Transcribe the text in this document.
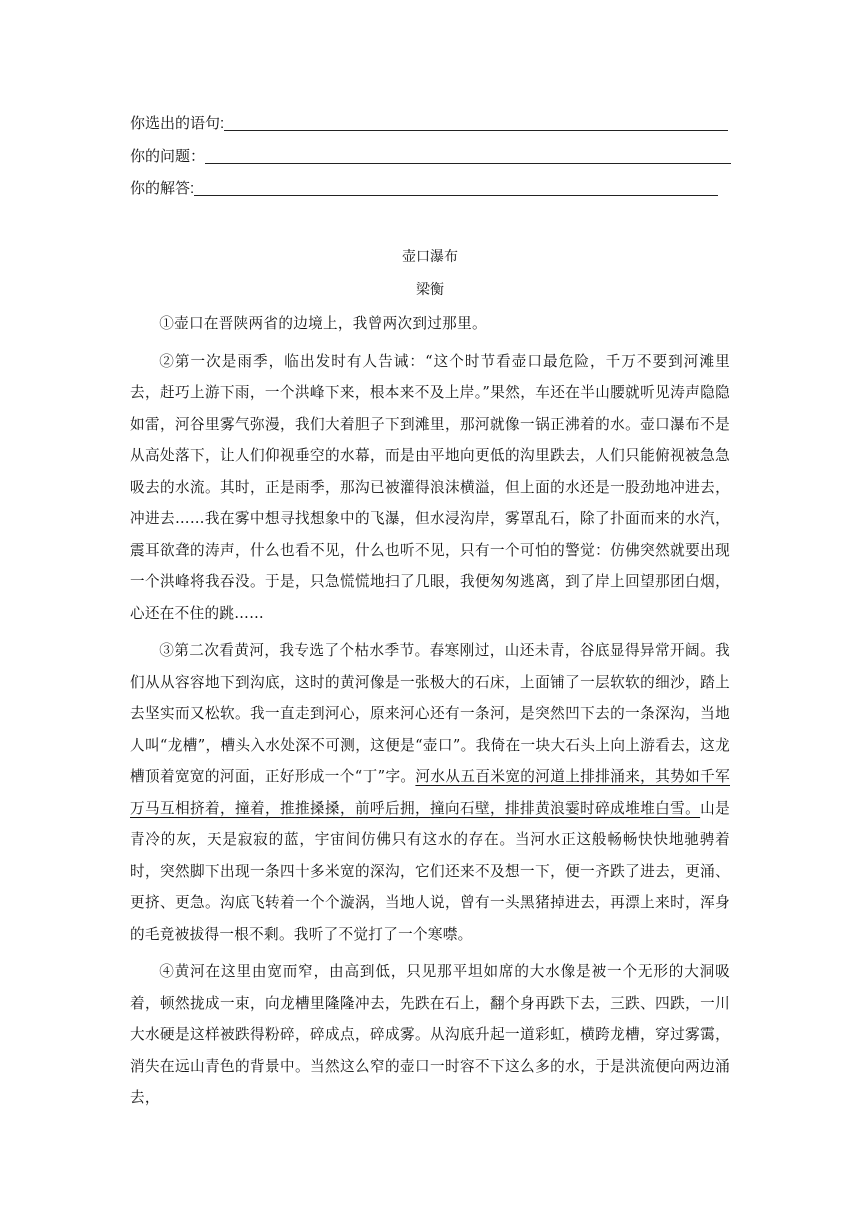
你选出的语句:
你的问题：
你的解答:
壶口瀑布
梁衡

①壶口在晋陕两省的边境上，我曾两次到过那里。

②第一次是雨季，临出发时有人告诫：“这个时节看壶口最危险，千万不要到河滩里去，赶巧上游下雨，一个洪峰下来，根本来不及上岸。”果然，车还在半山腰就听见涛声隐隐如雷，河谷里雾气弥漫，我们大着胆子下到滩里，那河就像一锅正沸着的水。壶口瀑布不是从高处落下，让人们仰视垂空的水幕，而是由平地向更低的沟里跌去，人们只能俯视被急急吸去的水流。其时，正是雨季，那沟已被灌得浪沫横溢，但上面的水还是一股劲地冲进去，冲进去……我在雾中想寻找想象中的飞瀑，但水浸沟岸，雾罩乱石，除了扑面而来的水汽，震耳欲聋的涛声，什么也看不见，什么也听不见，只有一个可怕的警觉：仿佛突然就要出现一个洪峰将我吞没。于是，只急慌慌地扫了几眼，我便匆匆逃离，到了岸上回望那团白烟，心还在不住的跳……

③第二次看黄河，我专选了个枯水季节。春寒刚过，山还未青，谷底显得异常开阔。我们从从容容地下到沟底，这时的黄河像是一张极大的石床，上面铺了一层软软的细沙，踏上去坚实而又松软。我一直走到河心，原来河心还有一条河，是突然凹下去的一条深沟，当地人叫“龙槽”，槽头入水处深不可测，这便是“壶口”。我倚在一块大石头上向上游看去，这龙槽顶着宽宽的河面，正好形成一个“丁”字。河水从五百米宽的河道上排排涌来，其势如千军万马互相挤着，撞着，推推搡搡，前呼后拥，撞向石壁，排排黄浪霎时碎成堆堆白雪。山是青冷的灰，天是寂寂的蓝，宇宙间仿佛只有这水的存在。当河水正这般畅畅快快地驰骋着时，突然脚下出现一条四十多米宽的深沟，它们还来不及想一下，便一齐跌了进去，更涌、更挤、更急。沟底飞转着一个个漩涡，当地人说，曾有一头黑猪掉进去，再漂上来时，浑身的毛竟被拔得一根不剩。我听了不觉打了一个寒噤。

④黄河在这里由宽而窄，由高到低，只见那平坦如席的大水像是被一个无形的大洞吸着，顿然拢成一束，向龙槽里隆隆冲去，先跌在石上，翻个身再跌下去，三跌、四跌，一川大水硬是这样被跌得粉碎，碎成点，碎成雾。从沟底升起一道彩虹，横跨龙槽，穿过雾霭，消失在远山青色的背景中。当然这么窄的壶口一时容不下这么多的水，于是洪流便向两边涌去，
